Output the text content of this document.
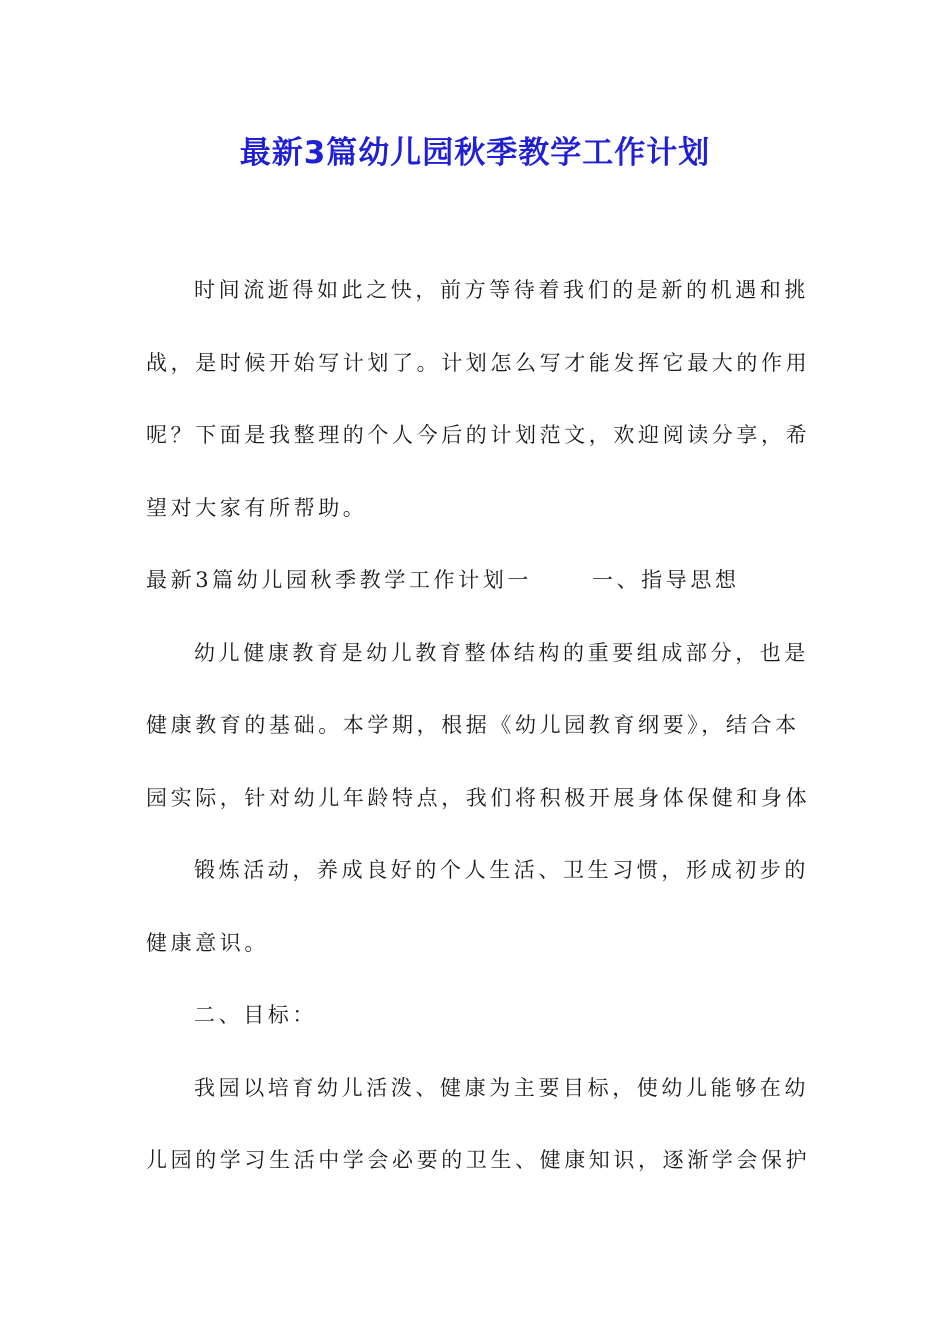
最新3篇幼儿园秋季教学工作计划

时间流逝得如此之快，前方等待着我们的是新的机遇和挑

战，是时候开始写计划了。计划怎么写才能发挥它最大的作用

呢？下面是我整理的个人今后的计划范文，欢迎阅读分享，希

望对大家有所帮助。

最新3篇幼儿园秋季教学工作计划一	一、指导思想

幼儿健康教育是幼儿教育整体结构的重要组成部分，也是

健康教育的基础。本学期，根据《幼儿园教育纲要》，结合本

园实际，针对幼儿年龄特点，我们将积极开展身体保健和身体

锻炼活动，养成良好的个人生活、卫生习惯，形成初步的

健康意识。

二、目标：

我园以培育幼儿活泼、健康为主要目标，使幼儿能够在幼

儿园的学习生活中学会必要的卫生、健康知识，逐渐学会保护
